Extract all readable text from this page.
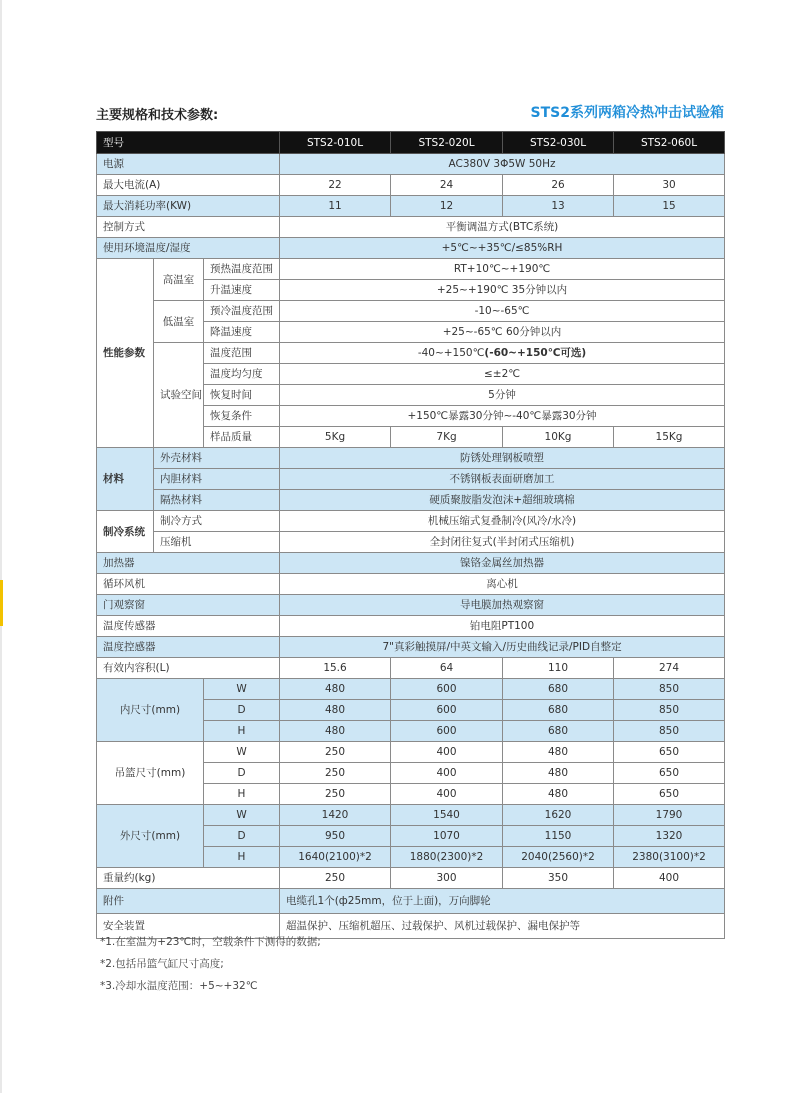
主要规格和技术参数:	STS2系列两箱冷热冲击试验箱
型号			STS2-010L	STS2-020L	STS2-030L	STS2-060L
电源			AC380V 3Φ5W 50Hz			
最大电流(A)			22	24	26	30
最大消耗功率(KW)			11	12	13	15
控制方式			平衡调温方式(BTC系统)			
使用环境温度/湿度			+5℃~+35℃/≤85%RH			
性能参数	高温室	预热温度范围	RT+10℃~+190℃			
		升温速度	+25~+190℃ 35分钟以内			
	低温室	预冷温度范围	-10~-65℃			
		降温速度	+25~-65℃ 60分钟以内			
	试验空间	温度范围	-40~+150℃(-60~+150℃可选)			
		温度均匀度	≤±2℃			
		恢复时间	5分钟			
		恢复条件	+150℃暴露30分钟~-40℃暴露30分钟			
		样品质量	5Kg	7Kg	10Kg	15Kg
材料	外壳材料		防锈处理钢板喷塑			
	内胆材料		不锈钢板表面研磨加工			
	隔热材料		硬质聚胺脂发泡沫+超细玻璃棉			
制冷系统	制冷方式		机械压缩式复叠制冷(风冷/水冷)			
	压缩机		全封闭往复式(半封闭式压缩机)			
加热器			镍铬金属丝加热器			
循环风机			离心机			
门观察窗			导电膜加热观察窗			
温度传感器			铂电阻PT100			
温度控感器			7"真彩触摸屏/中英文输入/历史曲线记录/PID自整定			
有效内容积(L)			15.6	64	110	274
内尺寸(mm)		W	480	600	680	850
		D	480	600	680	850
		H	480	600	680	850
吊篮尺寸(mm)		W	250	400	480	650
		D	250	400	480	650
		H	250	400	480	650
外尺寸(mm)		W	1420	1540	1620	1790
		D	950	1070	1150	1320
		H	1640(2100)*2	1880(2300)*2	2040(2560)*2	2380(3100)*2
重量约(kg)			250	300	350	400
附件			电缆孔1个(ф25mm，位于上面)，万向脚轮			
安全装置			超温保护、压缩机超压、过载保护、风机过载保护、漏电保护等			
*1.在室温为+23℃时，空载条件下测得的数据;
*2.包括吊篮气缸尺寸高度;
*3.冷却水温度范围：+5~+32℃
